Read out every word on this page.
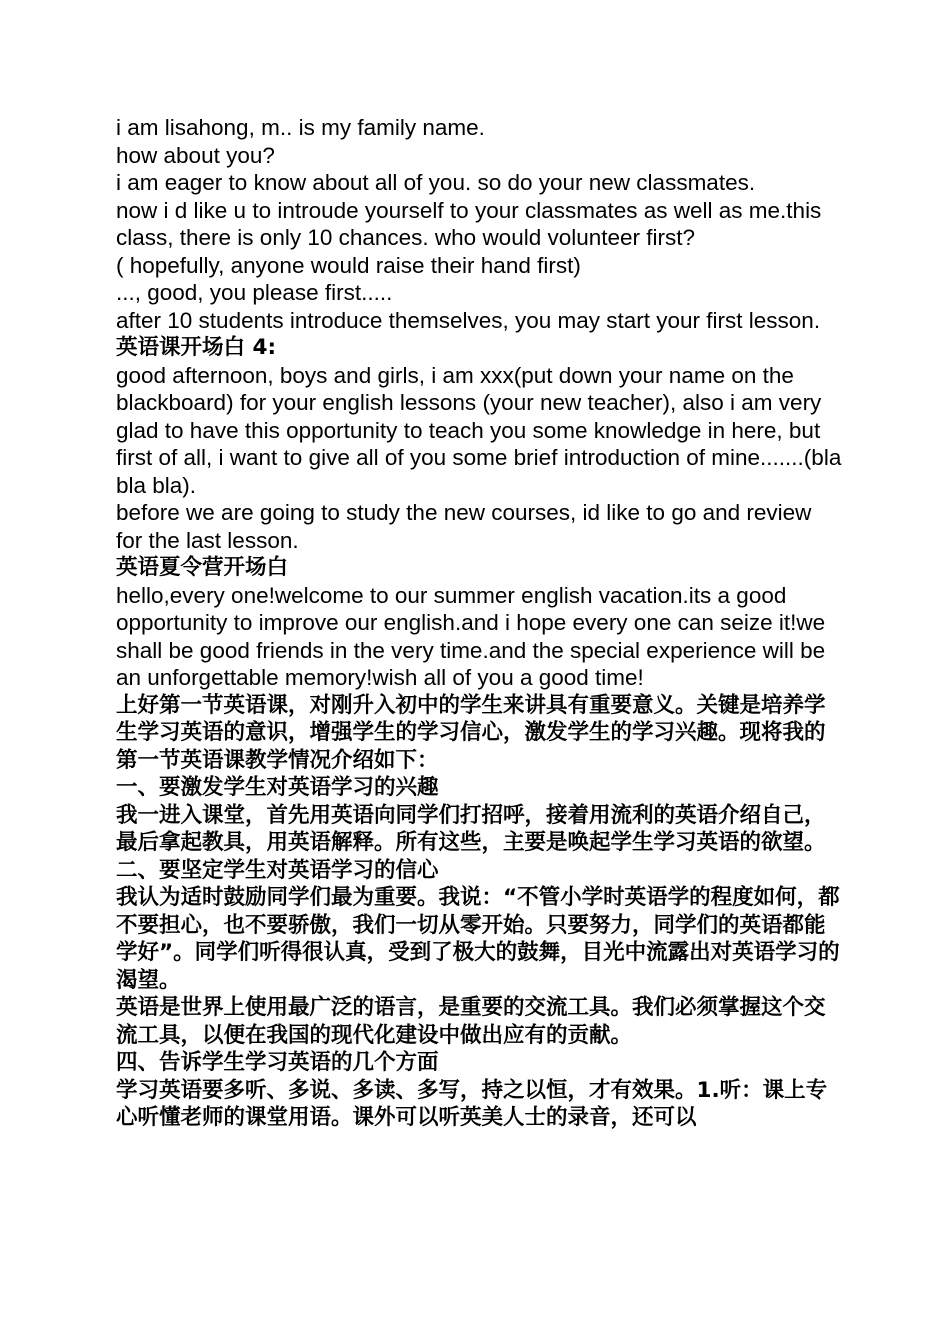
i am lisahong, m.. is my family name.

how about you?

i am eager to know about all of you. so do your new classmates.

now i d like u to introude yourself to your classmates as well as me.this class, there is only 10 chances. who would volunteer first?

( hopefully, anyone would raise their hand first)

..., good, you please first.....

after 10 students introduce themselves, you may start your first lesson.

英语课开场白 4:

good afternoon, boys and girls, i am xxx(put down your name on the blackboard) for your english lessons (your new teacher), also i am very glad to have this opportunity to teach you some knowledge in here, but first of all, i want to give all of you some brief introduction of mine.......(bla bla bla).

before we are going to study the new courses, id like to go and review for the last lesson.

英语夏令营开场白

hello,every one!welcome to our summer english vacation.its a good opportunity to improve our english.and i hope every one can seize it!we shall be good friends in the very time.and the special experience will be an unforgettable memory!wish all of you a good time!

上好第一节英语课，对刚升入初中的学生来讲具有重要意义。关键是培养学生学习英语的意识，增强学生的学习信心，激发学生的学习兴趣。现将我的第一节英语课教学情况介绍如下：

一、要激发学生对英语学习的兴趣

我一进入课堂，首先用英语向同学们打招呼，接着用流利的英语介绍自己，最后拿起教具，用英语解释。所有这些，主要是唤起学生学习英语的欲望。

二、要坚定学生对英语学习的信心

我认为适时鼓励同学们最为重要。我说：“不管小学时英语学的程度如何，都不要担心，也不要骄傲，我们一切从零开始。只要努力，同学们的英语都能学好”。同学们听得很认真，受到了极大的鼓舞，目光中流露出对英语学习的渴望。

英语是世界上使用最广泛的语言，是重要的交流工具。我们必须掌握这个交流工具，以便在我国的现代化建设中做出应有的贡献。

四、告诉学生学习英语的几个方面

学习英语要多听、多说、多读、多写，持之以恒，才有效果。1.听：课上专心听懂老师的课堂用语。课外可以听英美人士的录音，还可以
